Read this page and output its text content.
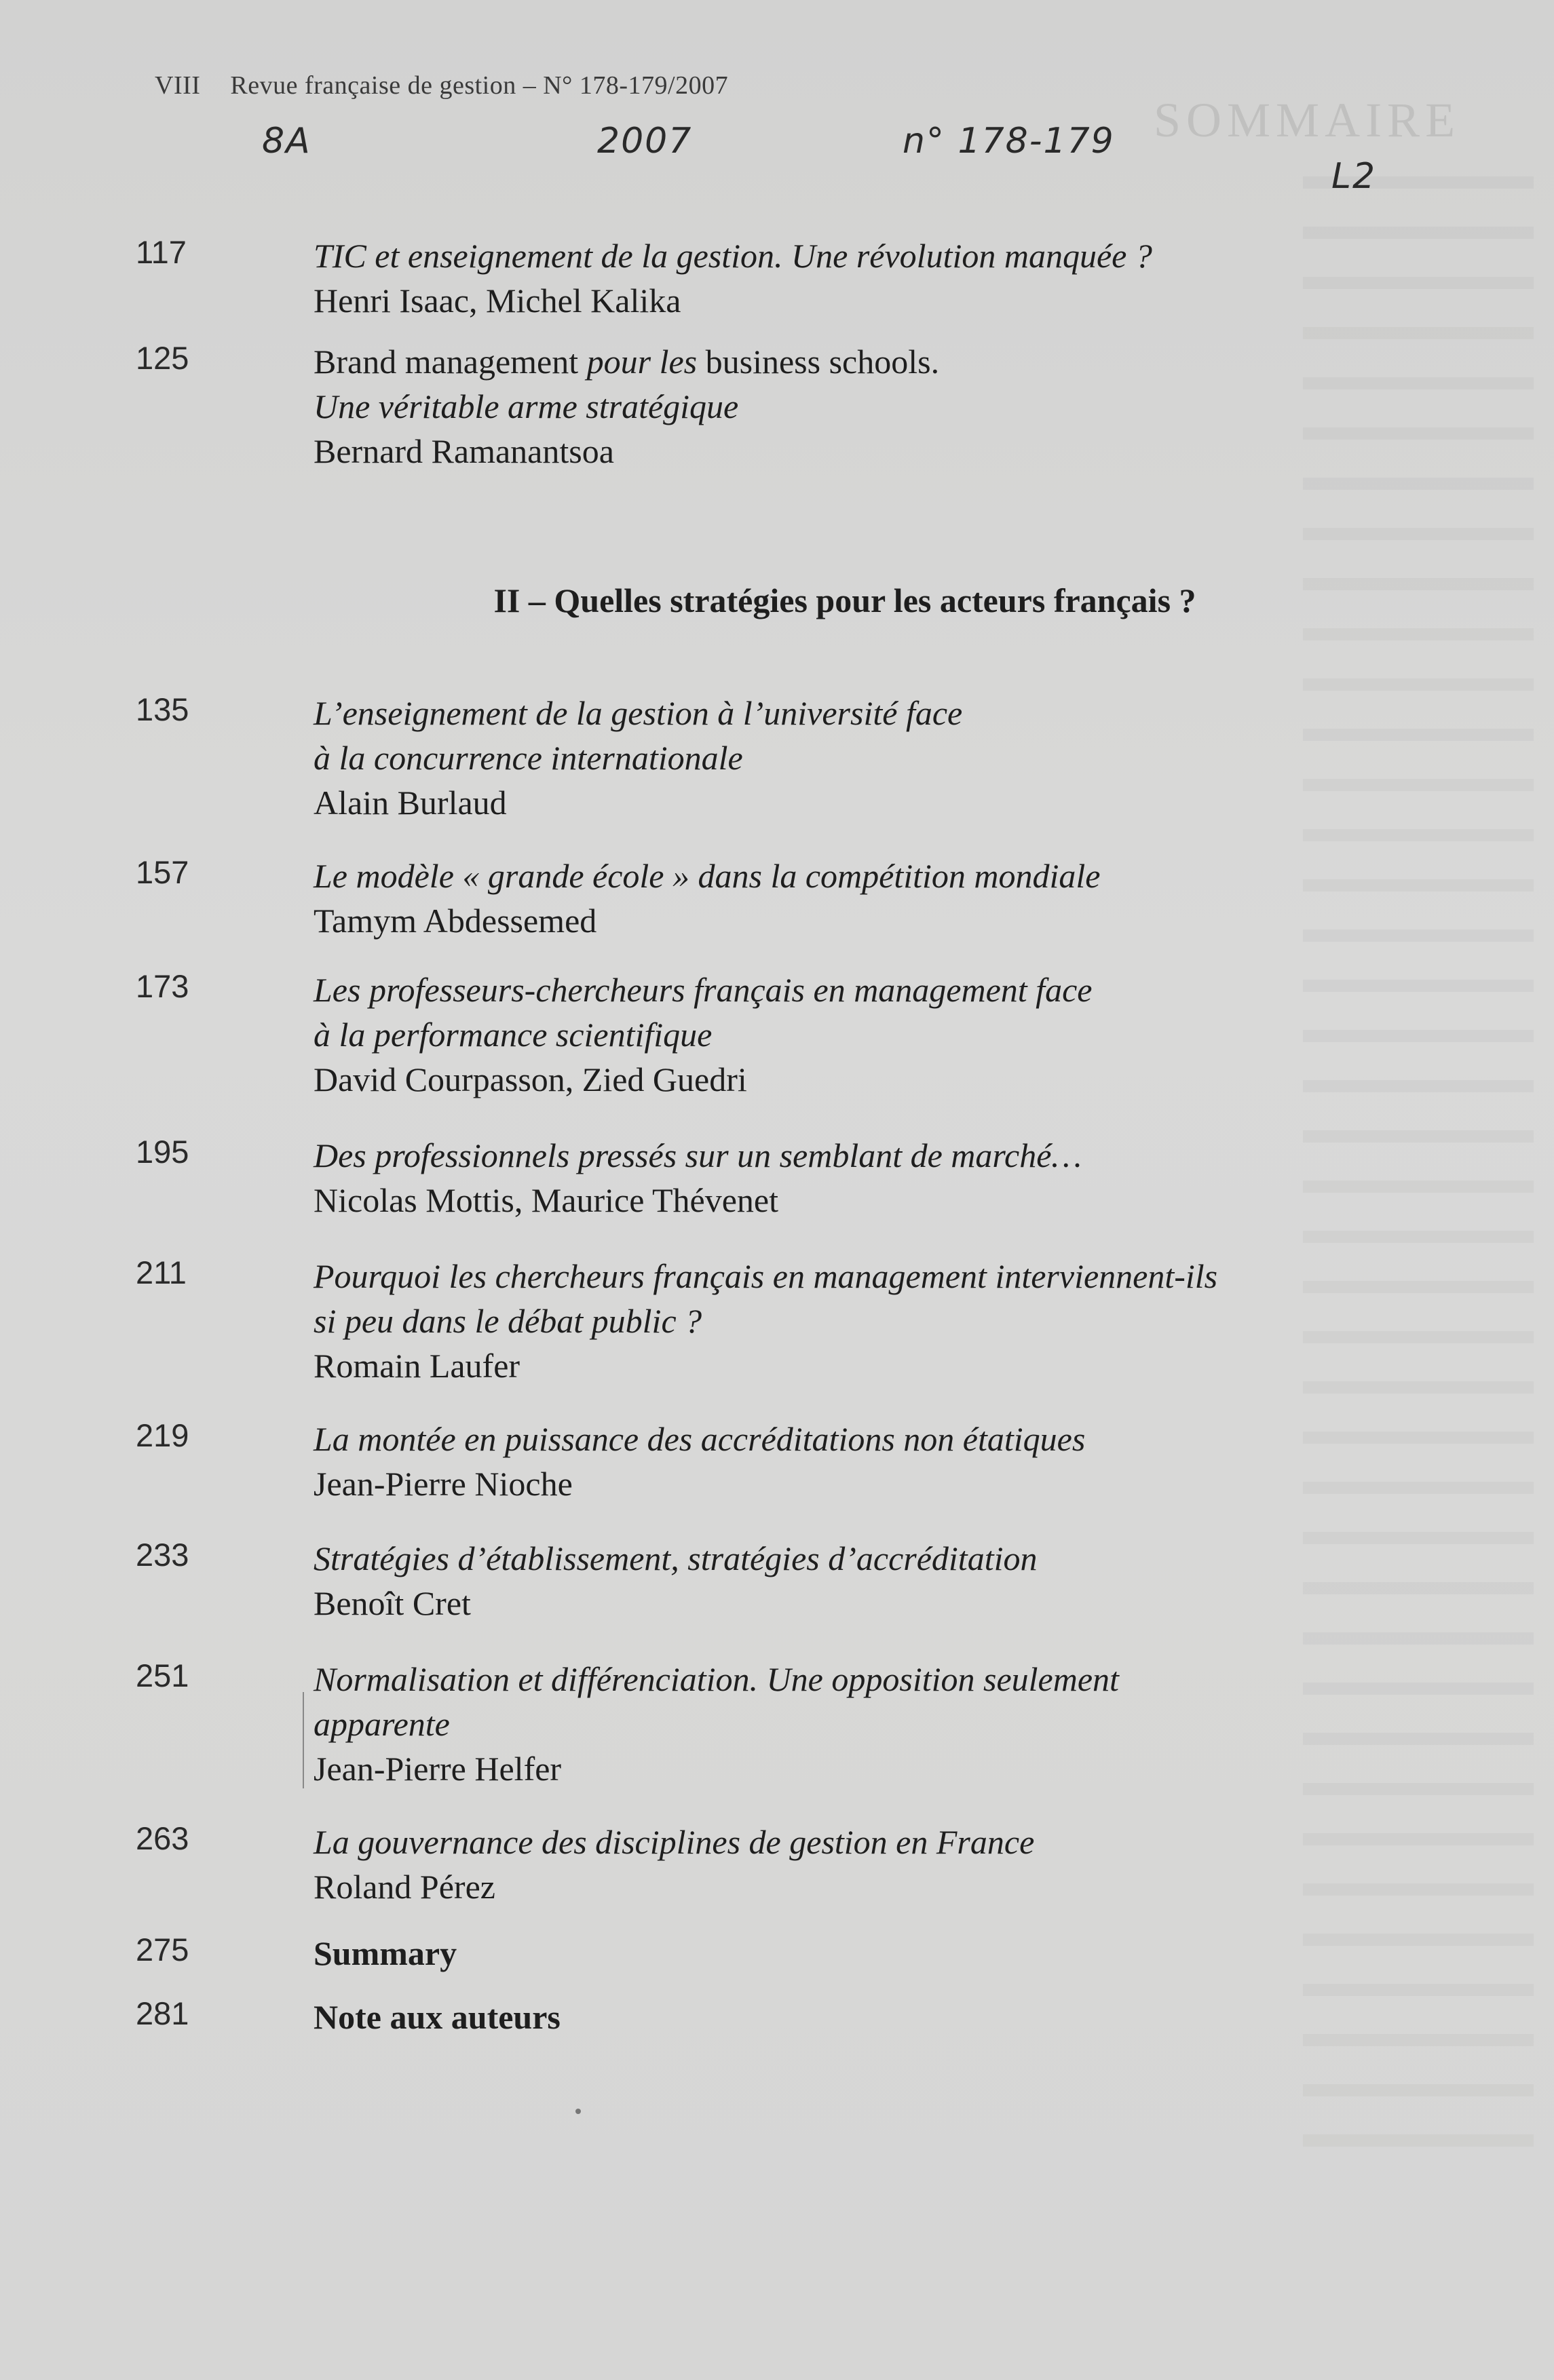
SOMMAIRE
VIII Revue française de gestion – N° 178-179/2007
8A	2007	n° 178-179
L2
117	TIC et enseignement de la gestion. Une révolution manquée ?
Henri Isaac, Michel Kalika
125	Brand management pour les business schools.
Une véritable arme stratégique
Bernard Ramanantsoa
II – Quelles stratégies pour les acteurs français ?
135	L’enseignement de la gestion à l’université face
à la concurrence internationale
Alain Burlaud
157	Le modèle « grande école » dans la compétition mondiale
Tamym Abdessemed
173	Les professeurs-chercheurs français en management face
à la performance scientifique
David Courpasson, Zied Guedri
195	Des professionnels pressés sur un semblant de marché…
Nicolas Mottis, Maurice Thévenet
211	Pourquoi les chercheurs français en management interviennent-ils
si peu dans le débat public ?
Romain Laufer
219	La montée en puissance des accréditations non étatiques
Jean-Pierre Nioche
233	Stratégies d’établissement, stratégies d’accréditation
Benoît Cret
251	Normalisation et différenciation. Une opposition seulement
apparente
Jean-Pierre Helfer
263	La gouvernance des disciplines de gestion en France
Roland Pérez
275	Summary
281	Note aux auteurs
